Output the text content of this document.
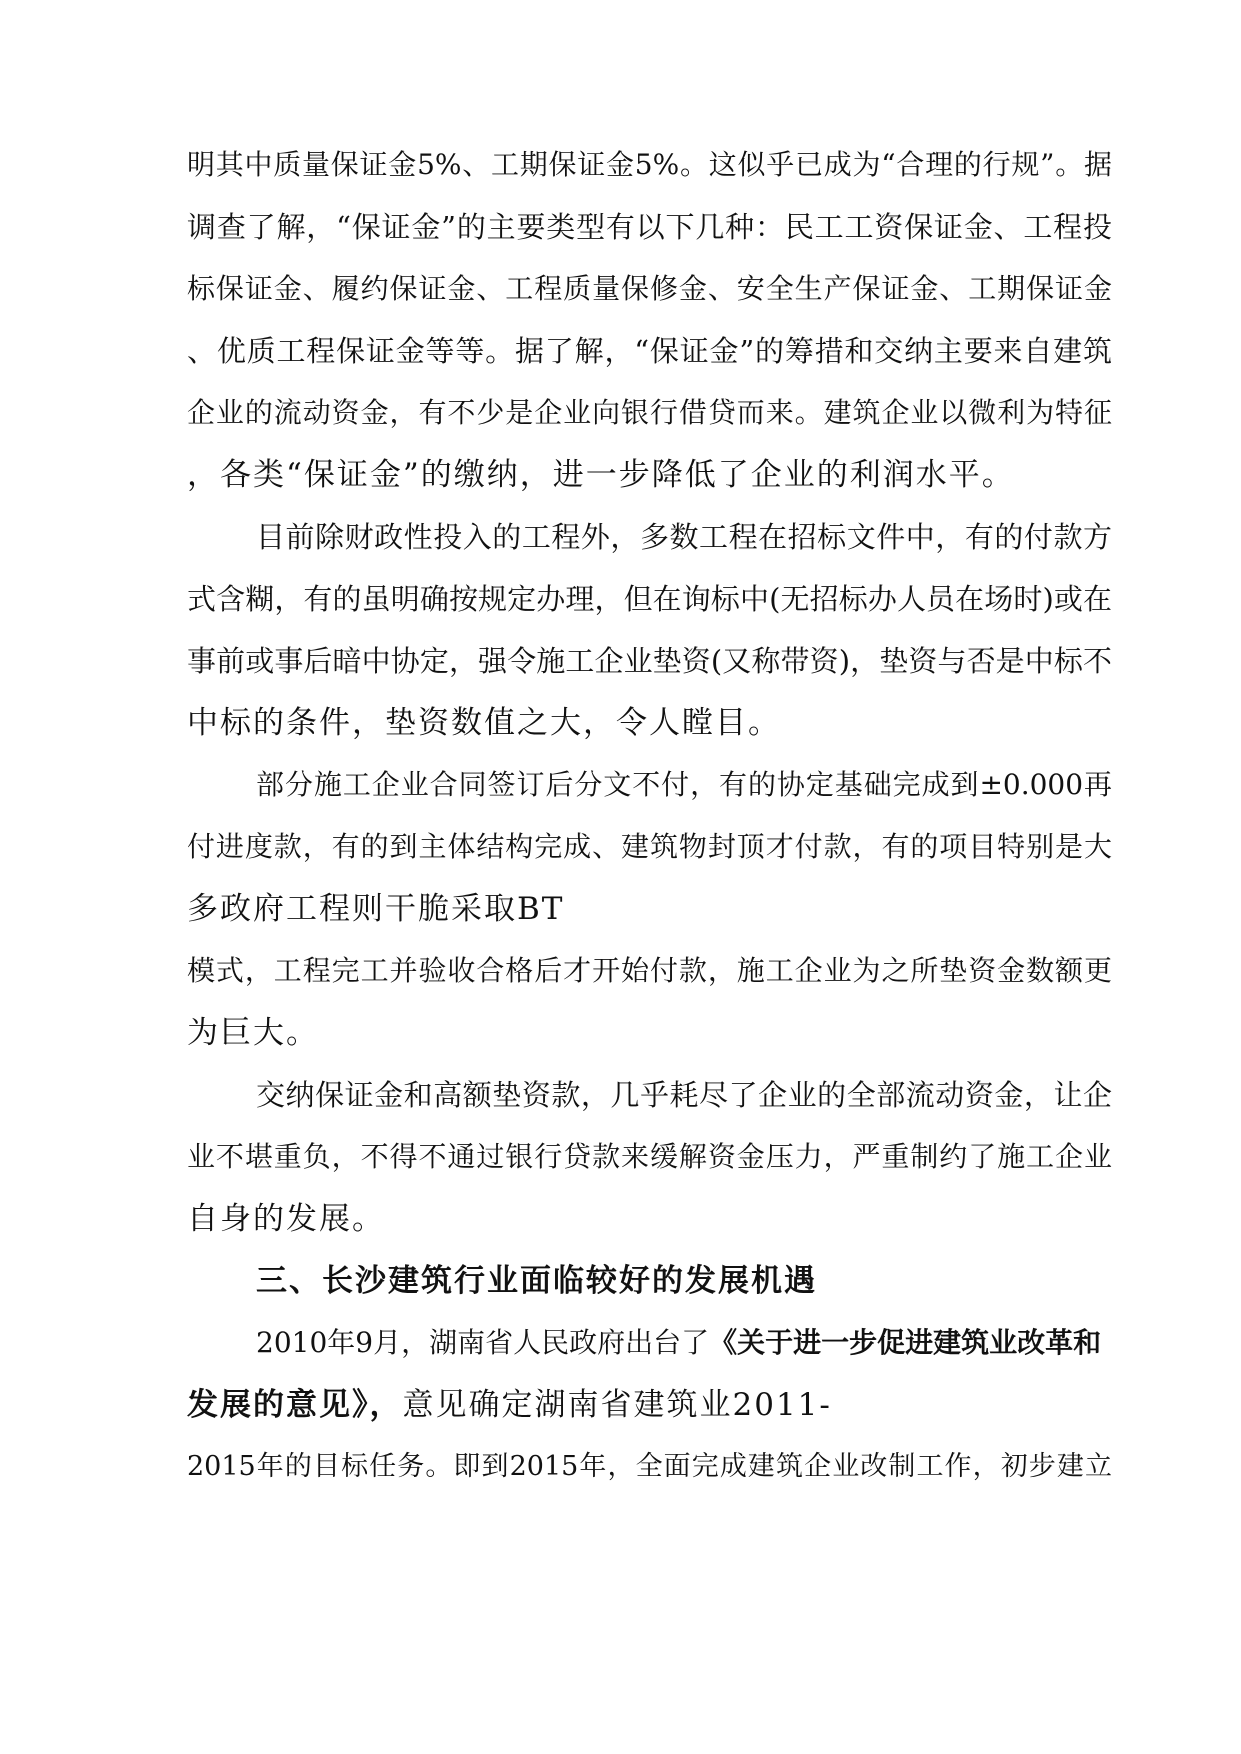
明其中质量保证金5%、工期保证金5%。这似乎已成为“合理的行规”。据
调查了解，“保证金”的主要类型有以下几种：民工工资保证金、工程投
标保证金、履约保证金、工程质量保修金、安全生产保证金、工期保证金
、优质工程保证金等等。据了解，“保证金”的筹措和交纳主要来自建筑
企业的流动资金，有不少是企业向银行借贷而来。建筑企业以微利为特征
，各类“保证金”的缴纳，进一步降低了企业的利润水平。
目前除财政性投入的工程外，多数工程在招标文件中，有的付款方
式含糊，有的虽明确按规定办理，但在询标中(无招标办人员在场时)或在
事前或事后暗中协定，强令施工企业垫资(又称带资)，垫资与否是中标不
中标的条件，垫资数值之大，令人瞠目。
部分施工企业合同签订后分文不付，有的协定基础完成到±0.000再
付进度款，有的到主体结构完成、建筑物封顶才付款，有的项目特别是大
多政府工程则干脆采取BT
模式，工程完工并验收合格后才开始付款，施工企业为之所垫资金数额更
为巨大。
交纳保证金和高额垫资款，几乎耗尽了企业的全部流动资金，让企
业不堪重负，不得不通过银行贷款来缓解资金压力，严重制约了施工企业
自身的发展。
三、长沙建筑行业面临较好的发展机遇
2010年9月，湖南省人民政府出台了《关于进一步促进建筑业改革和
发展的意见》，意见确定湖南省建筑业2011-
2015年的目标任务。即到2015年，全面完成建筑企业改制工作，初步建立
